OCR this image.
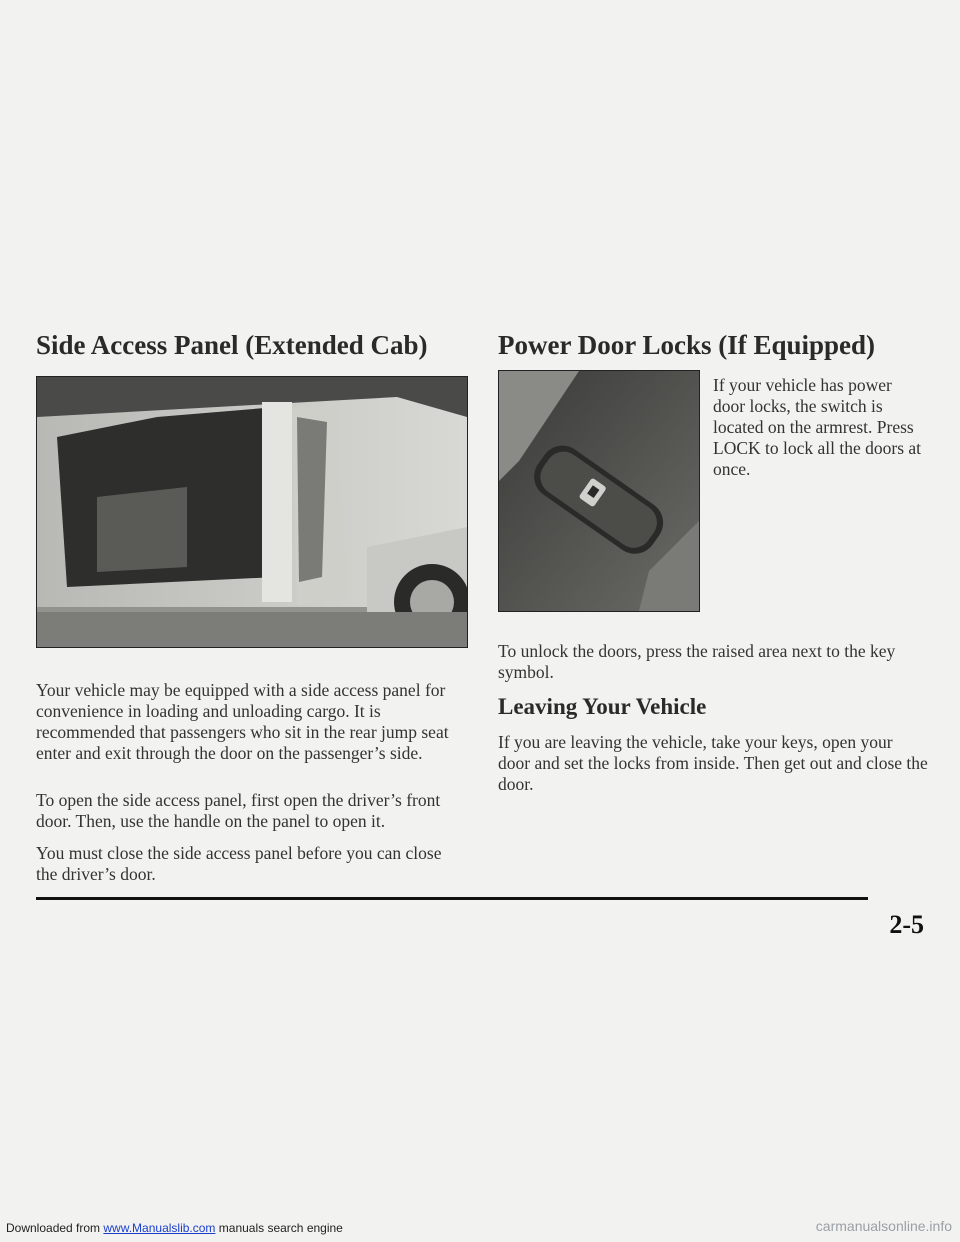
Side Access Panel (Extended Cab)

Your vehicle may be equipped with a side access panel for convenience in loading and unloading cargo. It is recommended that passengers who sit in the rear jump seat enter and exit through the door on the passenger’s side.

To open the side access panel, first open the driver’s front door. Then, use the handle on the panel to open it.

You must close the side access panel before you can close the driver’s door.

Power Door Locks (If Equipped)

If your vehicle has power door locks, the switch is located on the armrest. Press LOCK to lock all the doors at once.

To unlock the doors, press the raised area next to the key symbol.

Leaving Your Vehicle

If you are leaving the vehicle, take your keys, open your door and set the locks from inside. Then get out and close the door.

2-5

Downloaded from www.Manualslib.com manuals search engine	carmanualsonline.info
